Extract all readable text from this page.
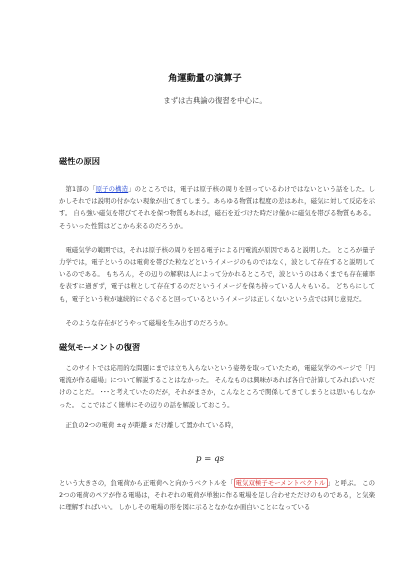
角運動量の演算子
まずは古典論の復習を中心に。
磁性の原因

第1部の「原子の構造」のところでは，電子は原子核の周りを回っているわけではないという話をした。しかしそれでは説明の付かない現象が出てきてしまう。あらゆる物質は程度の差はあれ，磁気に対して反応を示す。 自ら強い磁気を帯びてそれを保つ物質もあれば，磁石を近づけた時だけ僅かに磁気を帯びる物質もある。 そういった性質はどこから来るのだろうか。

電磁気学の範囲では，それは原子核の周りを回る電子による円電流が原因であると説明した。 ところが量子力学では，電子というのは電荷を帯びた粒などというイメージのものではなく，波として存在すると説明しているのである。 もちろん，その辺りの解釈は人によって分かれるところで，波というのはあくまでも存在確率を表すに過ぎず，電子は粒として存在するのだというイメージを保ち持っている人々もいる。 どちらにしても，電子という粒が連続的にぐるぐると回っているというイメージは正しくないという点では同じ意見だ。

そのような存在がどうやって磁場を生み出すのだろうか。

磁気モーメントの復習

このサイトでは応用的な問題にまでは立ち入らないという姿勢を取っていたため，電磁気学のページで「円電流が作る磁場」について解説することはなかった。 そんなものは興味があれば各自で計算してみればいいだけのことだ。 ･･･と考えていたのだが，それがまさか，こんなところで関係してきてしまうとは思いもしなかった。 ここではごく簡単にその辺りの話を解説しておこう。

正負の2つの電荷 ±q が距離 s だけ離して置かれている時，

p = qs

という大きさの，負電荷から正電荷へと向かうベクトルを「 電気双極子モーメントベクトル 」と呼ぶ。 この2つの電荷のペアが作る電場は，それぞれの電荷が単独に作る電場を足し合わせただけのものである，と気楽に理解すればいい。 しかしその電場の形を図に示るとなかなか面白いことになっている
